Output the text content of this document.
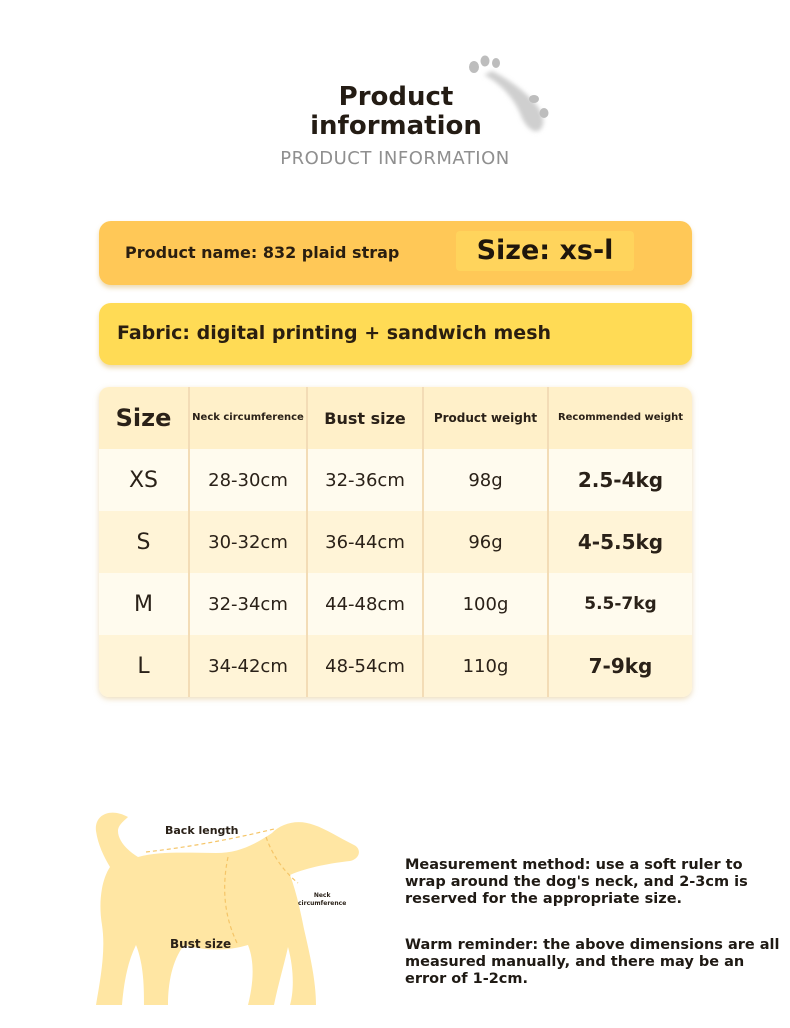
Product
information
PRODUCT INFORMATION
Product name: 832 plaid strap	Size: xs-l
Fabric: digital printing + sandwich mesh
Size	Neck circumference	Bust size	Product weight	Recommended weight
XS	28-30cm	32-36cm	98g	2.5-4kg
S	30-32cm	36-44cm	96g	4-5.5kg
M	32-34cm	44-48cm	100g	5.5-7kg
L	34-42cm	48-54cm	110g	7-9kg
Back length
Neck
circumference
Bust size
Measurement method: use a soft ruler to wrap around the dog's neck, and 2-3cm is reserved for the appropriate size.
Warm reminder: the above dimensions are all measured manually, and there may be an error of 1-2cm.
